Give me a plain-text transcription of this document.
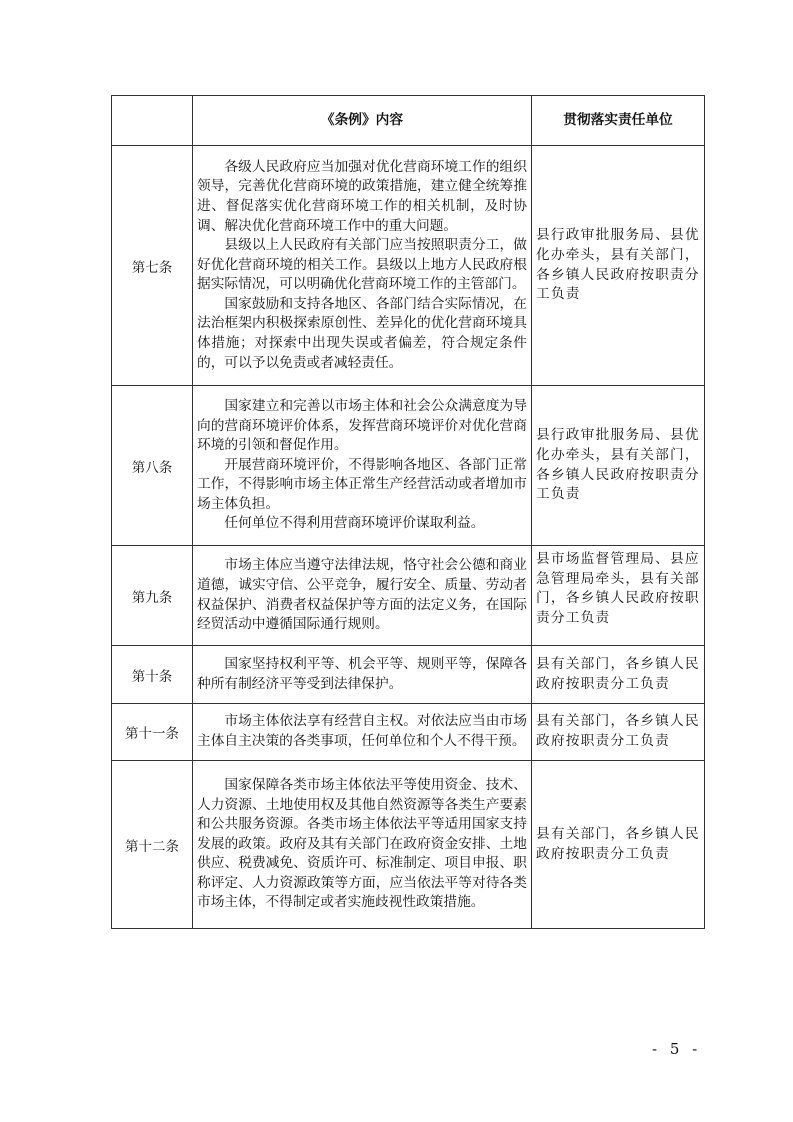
	《条例》内容	贯彻落实责任单位
第七条	各级人民政府应当加强对优化营商环境工作的组织领导，完善优化营商环境的政策措施，建立健全统筹推进、督促落实优化营商环境工作的相关机制，及时协调、解决优化营商环境工作中的重大问题。

县级以上人民政府有关部门应当按照职责分工，做好优化营商环境的相关工作。县级以上地方人民政府根据实际情况，可以明确优化营商环境工作的主管部门。

国家鼓励和支持各地区、各部门结合实际情况，在法治框架内积极探索原创性、差异化的优化营商环境具体措施；对探索中出现失误或者偏差，符合规定条件的，可以予以免责或者减轻责任。	县行政审批服务局、县优化办牵头，县有关部门，各乡镇人民政府按职责分工负责
第八条	国家建立和完善以市场主体和社会公众满意度为导向的营商环境评价体系，发挥营商环境评价对优化营商环境的引领和督促作用。

开展营商环境评价，不得影响各地区、各部门正常工作，不得影响市场主体正常生产经营活动或者增加市场主体负担。

任何单位不得利用营商环境评价谋取利益。	县行政审批服务局、县优化办牵头，县有关部门，各乡镇人民政府按职责分工负责
第九条	市场主体应当遵守法律法规，恪守社会公德和商业道德，诚实守信、公平竞争，履行安全、质量、劳动者权益保护、消费者权益保护等方面的法定义务，在国际经贸活动中遵循国际通行规则。	县市场监督管理局、县应急管理局牵头，县有关部门，各乡镇人民政府按职责分工负责
第十条	国家坚持权利平等、机会平等、规则平等，保障各种所有制经济平等受到法律保护。	县有关部门，各乡镇人民政府按职责分工负责
第十一条	市场主体依法享有经营自主权。对依法应当由市场主体自主决策的各类事项，任何单位和个人不得干预。	县有关部门，各乡镇人民政府按职责分工负责
第十二条	国家保障各类市场主体依法平等使用资金、技术、人力资源、土地使用权及其他自然资源等各类生产要素和公共服务资源。各类市场主体依法平等适用国家支持发展的政策。政府及其有关部门在政府资金安排、土地供应、税费减免、资质许可、标准制定、项目申报、职称评定、人力资源政策等方面，应当依法平等对待各类市场主体，不得制定或者实施歧视性政策措施。	县有关部门，各乡镇人民政府按职责分工负责
- 5 -
